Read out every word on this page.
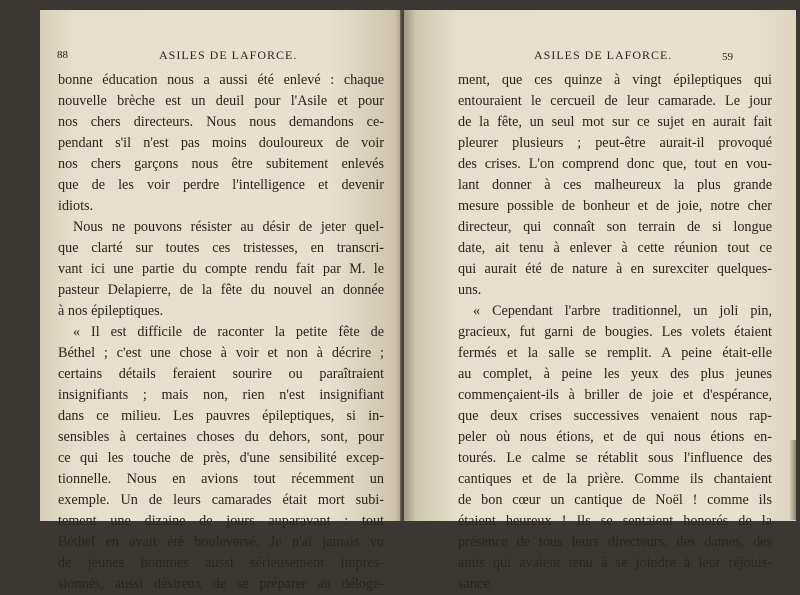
88	ASILES DE LAFORCE.
bonne éducation nous a aussi été enlevé : chaque
nouvelle brèche est un deuil pour l'Asile et pour
nos chers directeurs. Nous nous demandons ce-
pendant s'il n'est pas moins douloureux de voir
nos chers garçons nous être subitement enlevés
que de les voir perdre l'intelligence et devenir
idiots.
Nous ne pouvons résister au désir de jeter quel-
que clarté sur toutes ces tristesses, en transcri-
vant ici une partie du compte rendu fait par M. le
pasteur Delapierre, de la fête du nouvel an donnée
à nos épileptiques.
« Il est difficile de raconter la petite fête de
Béthel ; c'est une chose à voir et non à décrire ;
certains détails feraient sourire ou paraîtraient
insignifiants ; mais non, rien n'est insignifiant
dans ce milieu. Les pauvres épileptiques, si in-
sensibles à certaines choses du dehors, sont, pour
ce qui les touche de près, d'une sensibilité excep-
tionnelle. Nous en avions tout récemment un
exemple. Un de leurs camarades était mort subi-
tement une dizaine de jours auparavant : tout
Béthel en avait été bouleversé. Je n'ai jamais vu
de jeunes hommes aussi sérieusement impres-
sionnés, aussi désireux de se préparer au déloge-
ASILES DE LAFORCE.	59
ment, que ces quinze à vingt épileptiques qui
entouraient le cercueil de leur camarade. Le jour
de la fête, un seul mot sur ce sujet en aurait fait
pleurer plusieurs ; peut-être aurait-il provoqué
des crises. L'on comprend donc que, tout en vou-
lant donner à ces malheureux la plus grande
mesure possible de bonheur et de joie, notre cher
directeur, qui connaît son terrain de si longue
date, ait tenu à enlever à cette réunion tout ce
qui aurait été de nature à en surexciter quelques-
uns.
« Cependant l'arbre traditionnel, un joli pin,
gracieux, fut garni de bougies. Les volets étaient
fermés et la salle se remplit. A peine était-elle
au complet, à peine les yeux des plus jeunes
commençaient-ils à briller de joie et d'espérance,
que deux crises successives venaient nous rap-
peler où nous étions, et de qui nous étions en-
tourés. Le calme se rétablit sous l'influence des
cantiques et de la prière. Comme ils chantaient
de bon cœur un cantique de Noël ! comme ils
étaient heureux ! Ils se sentaient honorés de la
présence de tous leurs directeurs, des dames, des
amis qui avaient tenu à se joindre à leur réjouis-
sance.
